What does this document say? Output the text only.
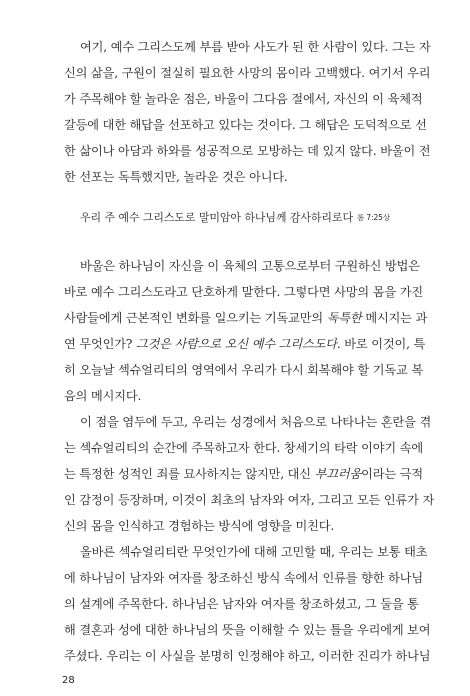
여기, 예수 그리스도께 부름 받아 사도가 된 한 사람이 있다. 그는 자
신의 삶을, 구원이 절실히 필요한 사망의 몸이라 고백했다. 여기서 우리
가 주목해야 할 놀라운 점은, 바울이 그다음 절에서, 자신의 이 육체적
갈등에 대한 해답을 선포하고 있다는 것이다. 그 해답은 도덕적으로 선
한 삶이나 아담과 하와를 성공적으로 모방하는 데 있지 않다. 바울이 전
한 선포는 독특했지만, 놀라운 것은 아니다.
우리 주 예수 그리스도로 말미암아 하나님께 감사하리로다 롬 7:25상
바울은 하나님이 자신을 이 육체의 고통으로부터 구원하신 방법은
바로 예수 그리스도라고 단호하게 말한다. 그렇다면 사망의 몸을 가진
사람들에게 근본적인 변화를 일으키는 기독교만의 독특한 메시지는 과
연 무엇인가? 그것은 사람으로 오신 예수 그리스도다. 바로 이것이, 특
히 오늘날 섹슈얼리티의 영역에서 우리가 다시 회복해야 할 기독교 복
음의 메시지다.
이 점을 염두에 두고, 우리는 성경에서 처음으로 나타나는 혼란을 겪
는 섹슈얼리티의 순간에 주목하고자 한다. 창세기의 타락 이야기 속에
는 특정한 성적인 죄를 묘사하지는 않지만, 대신 부끄러움이라는 극적
인 감정이 등장하며, 이것이 최초의 남자와 여자, 그리고 모든 인류가 자
신의 몸을 인식하고 경험하는 방식에 영향을 미친다.
올바른 섹슈얼리티란 무엇인가에 대해 고민할 때, 우리는 보통 태초
에 하나님이 남자와 여자를 창조하신 방식 속에서 인류를 향한 하나님
의 설계에 주목한다. 하나님은 남자와 여자를 창조하셨고, 그 둘을 통
해 결혼과 성에 대한 하나님의 뜻을 이해할 수 있는 틀을 우리에게 보여
주셨다. 우리는 이 사실을 분명히 인정해야 하고, 이러한 진리가 하나님
28
